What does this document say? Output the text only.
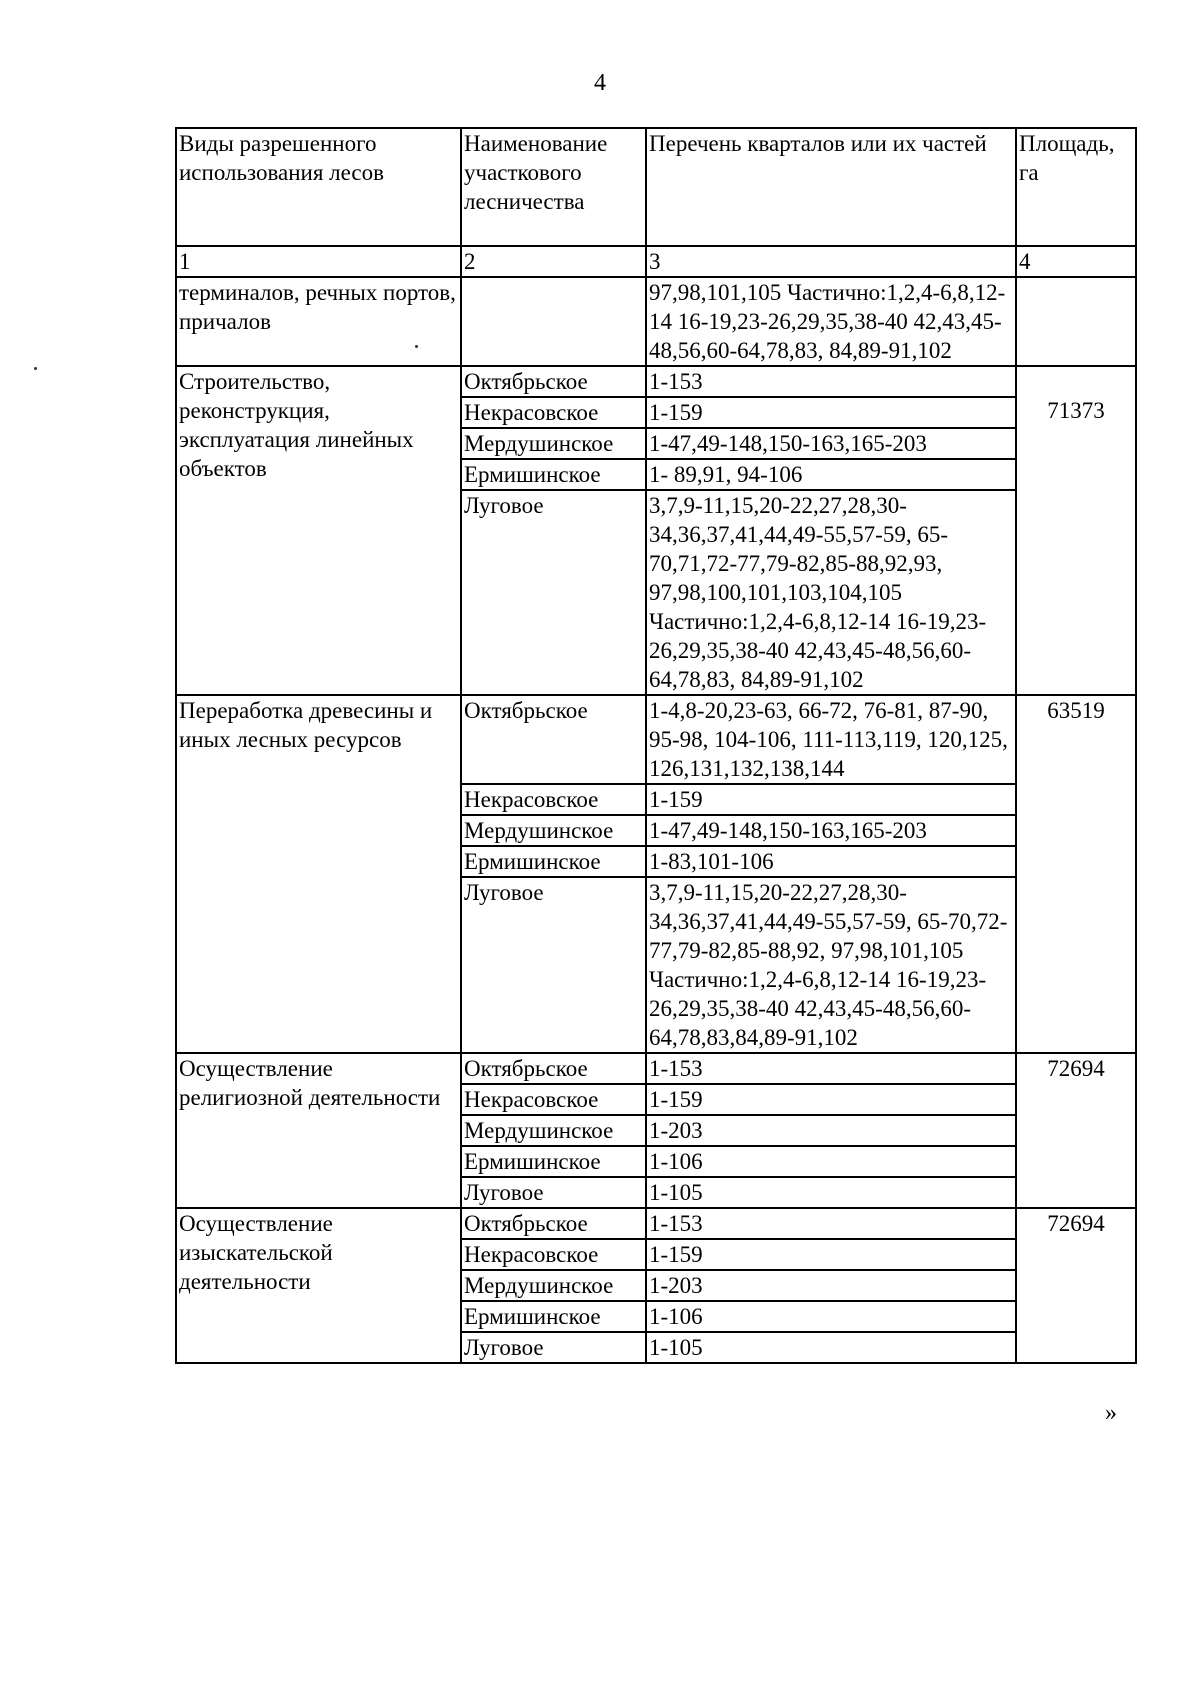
4
Виды разрешенного использования лесов	Наименование участкового лесничества	Перечень кварталов или их частей	Площадь, га
1	2	3	4
терминалов, речных портов, причалов		97,98,101,105 Частично:1,2,4-6,8,12-14 16-19,23-26,29,35,38-40 42,43,45-48,56,60-64,78,83, 84,89-91,102	
Строительство, реконструкция, эксплуатация линейных объектов	Октябрьское	1-153	71373

	Некрасовское	1-159	
	Мердушинское	1-47,49-148,150-163,165-203	
	Ермишинское	1- 89,91, 94-106	
	Луговое	3,7,9-11,15,20-22,27,28,30-34,36,37,41,44,49-55,57-59, 65-70,71,72-77,79-82,85-88,92,93, 97,98,100,101,103,104,105 Частично:1,2,4-6,8,12-14 16-19,23-26,29,35,38-40 42,43,45-48,56,60-64,78,83, 84,89-91,102	
Переработка древесины и иных лесных ресурсов	Октябрьское	1-4,8-20,23-63, 66-72, 76-81, 87-90, 95-98, 104-106, 111-113,119, 120,125, 126,131,132,138,144	63519
	Некрасовское	1-159	
	Мердушинское	1-47,49-148,150-163,165-203	
	Ермишинское	1-83,101-106	
	Луговое	3,7,9-11,15,20-22,27,28,30-34,36,37,41,44,49-55,57-59, 65-70,72-77,79-82,85-88,92, 97,98,101,105 Частично:1,2,4-6,8,12-14 16-19,23-26,29,35,38-40 42,43,45-48,56,60-64,78,83,84,89-91,102	
Осуществление религиозной деятельности	Октябрьское	1-153	72694
	Некрасовское	1-159	
	Мердушинское	1-203	
	Ермишинское	1-106	
	Луговое	1-105	
Осуществление изыскательской деятельности	Октябрьское	1-153	72694
	Некрасовское	1-159	
	Мердушинское	1-203	
	Ермишинское	1-106	
	Луговое	1-105	
»
